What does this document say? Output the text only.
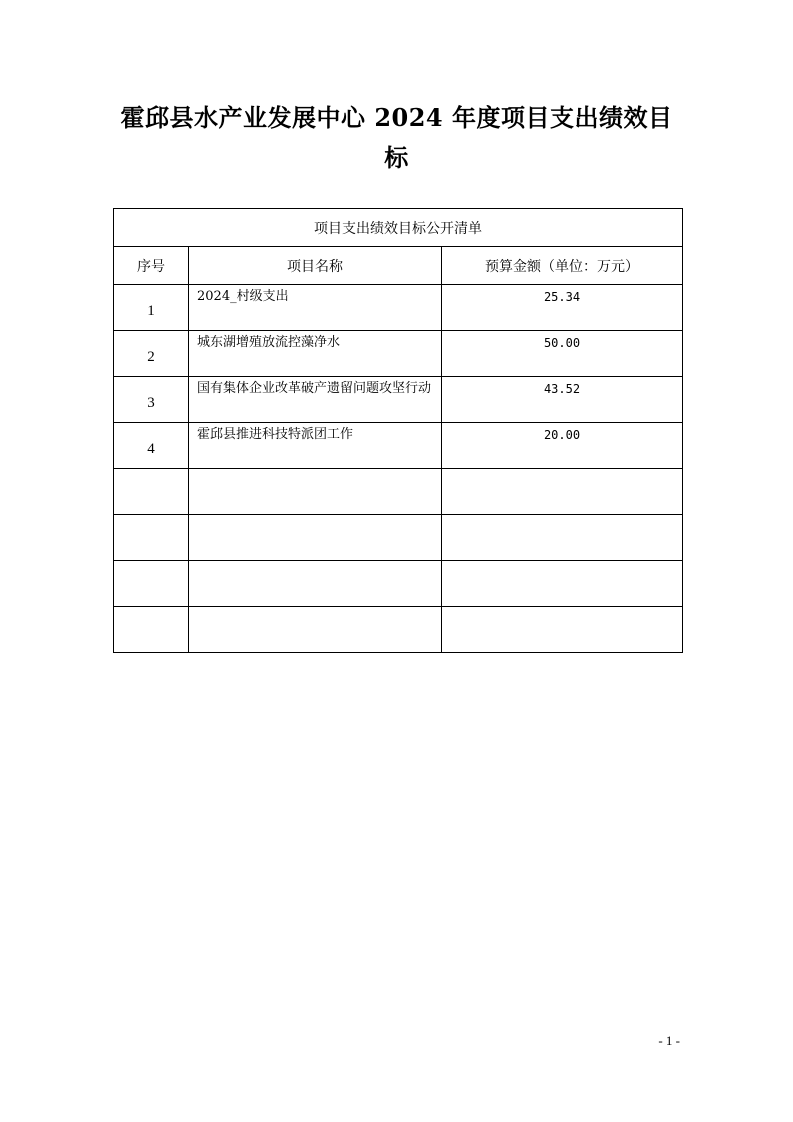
霍邱县水产业发展中心 2024 年度项目支出绩效目
标
项目支出绩效目标公开清单		
序号	项目名称	预算金额（单位：万元）
1	2024_村级支出	25.34
2	城东湖增殖放流控藻净水	50.00
3	国有集体企业改革破产遗留问题攻坚行动	43.52
4	霍邱县推进科技特派团工作	20.00

- 1 -
